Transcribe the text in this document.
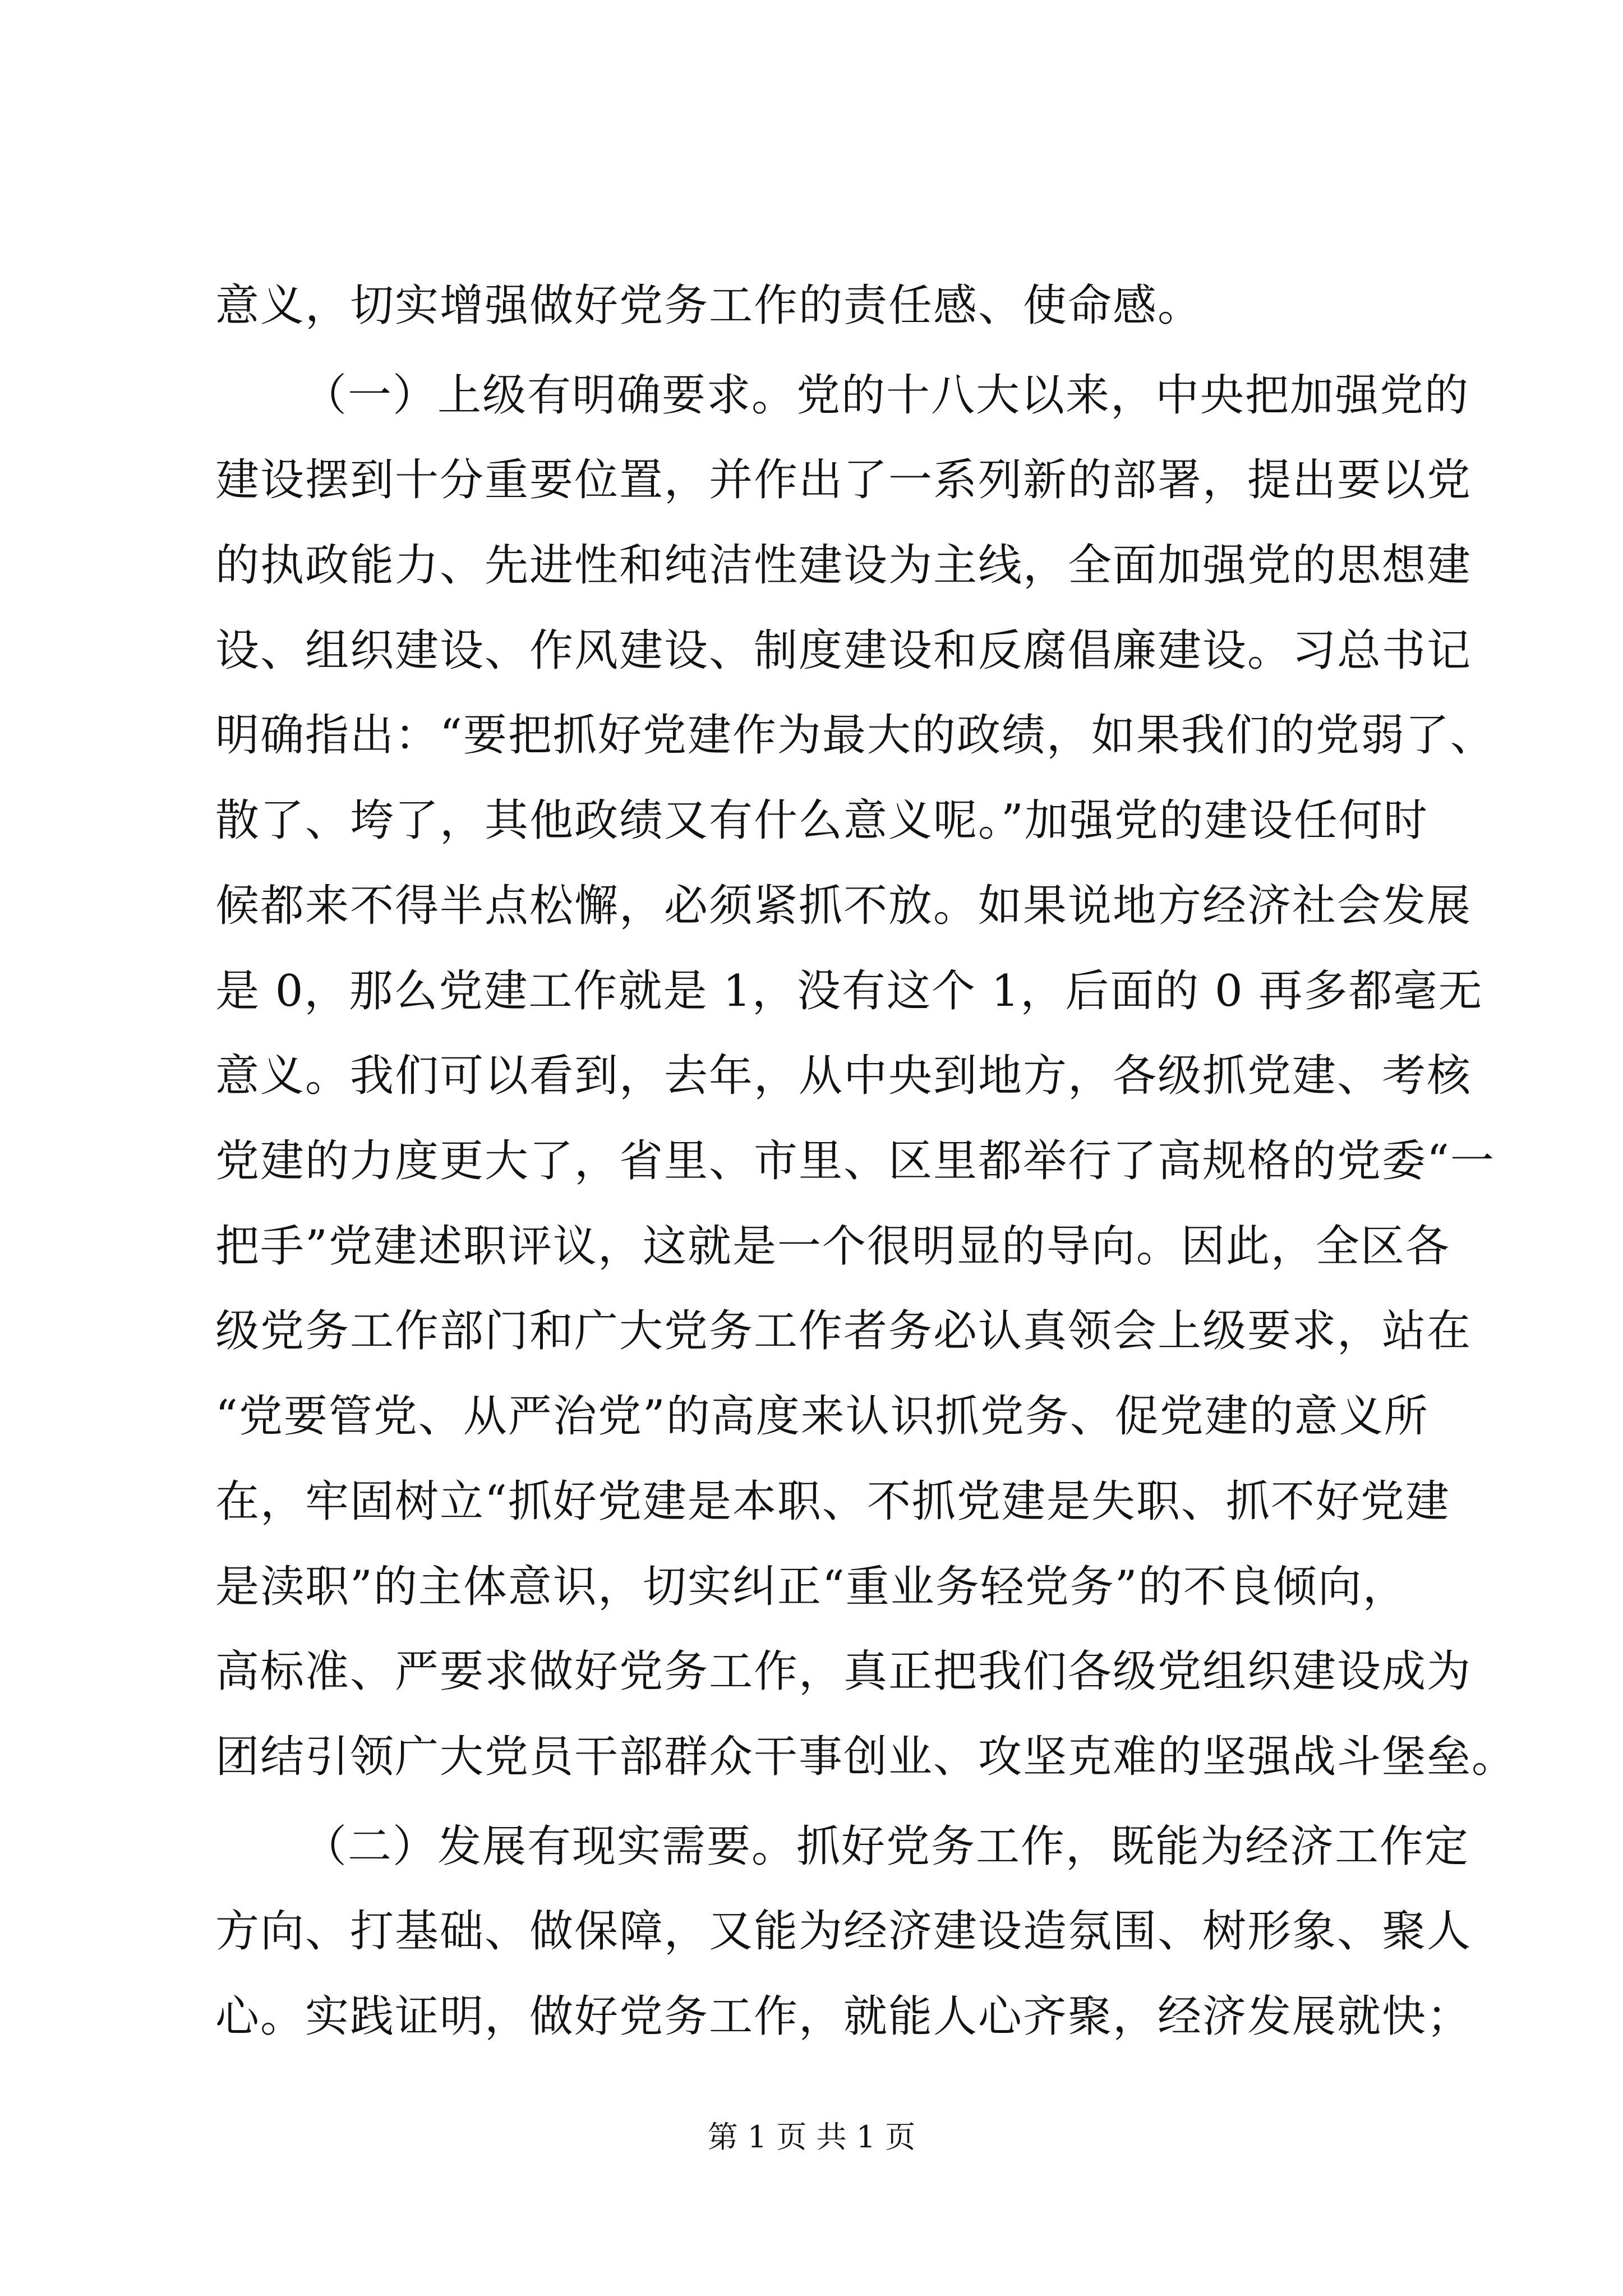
意义，切实增强做好党务工作的责任感、使命感。
（一）上级有明确要求。党的十八大以来，中央把加强党的
建设摆到十分重要位置，并作出了一系列新的部署，提出要以党
的执政能力、先进性和纯洁性建设为主线，全面加强党的思想建
设、组织建设、作风建设、制度建设和反腐倡廉建设。习总书记
明确指出：“要把抓好党建作为最大的政绩，如果我们的党弱了、
散了、垮了，其他政绩又有什么意义呢。”加强党的建设任何时
候都来不得半点松懈，必须紧抓不放。如果说地方经济社会发展
是 0，那么党建工作就是 1，没有这个 1，后面的 0 再多都毫无
意义。我们可以看到，去年，从中央到地方，各级抓党建、考核
党建的力度更大了，省里、市里、区里都举行了高规格的党委“一
把手”党建述职评议，这就是一个很明显的导向。因此，全区各
级党务工作部门和广大党务工作者务必认真领会上级要求，站在
“党要管党、从严治党”的高度来认识抓党务、促党建的意义所
在，牢固树立“抓好党建是本职、不抓党建是失职、抓不好党建
是渎职”的主体意识，切实纠正“重业务轻党务”的不良倾向，
高标准、严要求做好党务工作，真正把我们各级党组织建设成为
团结引领广大党员干部群众干事创业、攻坚克难的坚强战斗堡垒。
（二）发展有现实需要。抓好党务工作，既能为经济工作定
方向、打基础、做保障，又能为经济建设造氛围、树形象、聚人
心。实践证明，做好党务工作，就能人心齐聚，经济发展就快；
第 1 页 共 1 页
